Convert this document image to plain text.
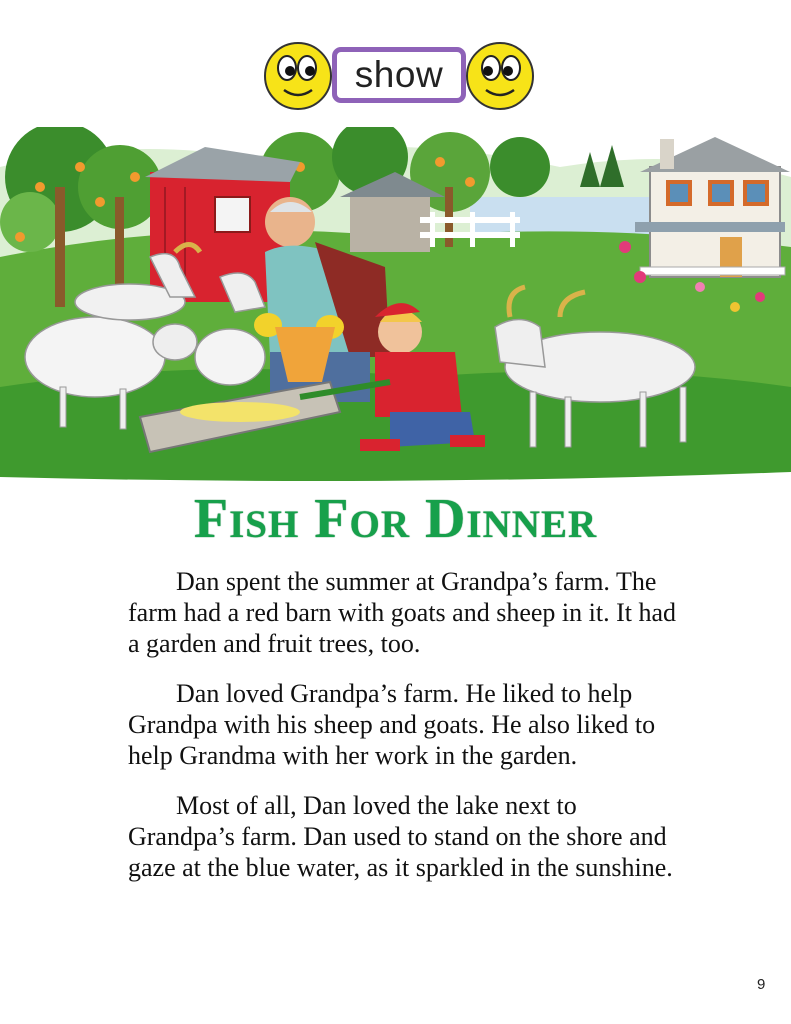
show
Fish For Dinner

Dan spent the summer at Grandpa’s farm. The farm had a red barn with goats and sheep in it. It had a garden and fruit trees, too.

Dan loved Grandpa’s farm. He liked to help Grandpa with his sheep and goats. He also liked to help Grandma with her work in the garden.

Most of all, Dan loved the lake next to Grandpa’s farm. Dan used to stand on the shore and gaze at the blue water, as it sparkled in the sunshine.

9
